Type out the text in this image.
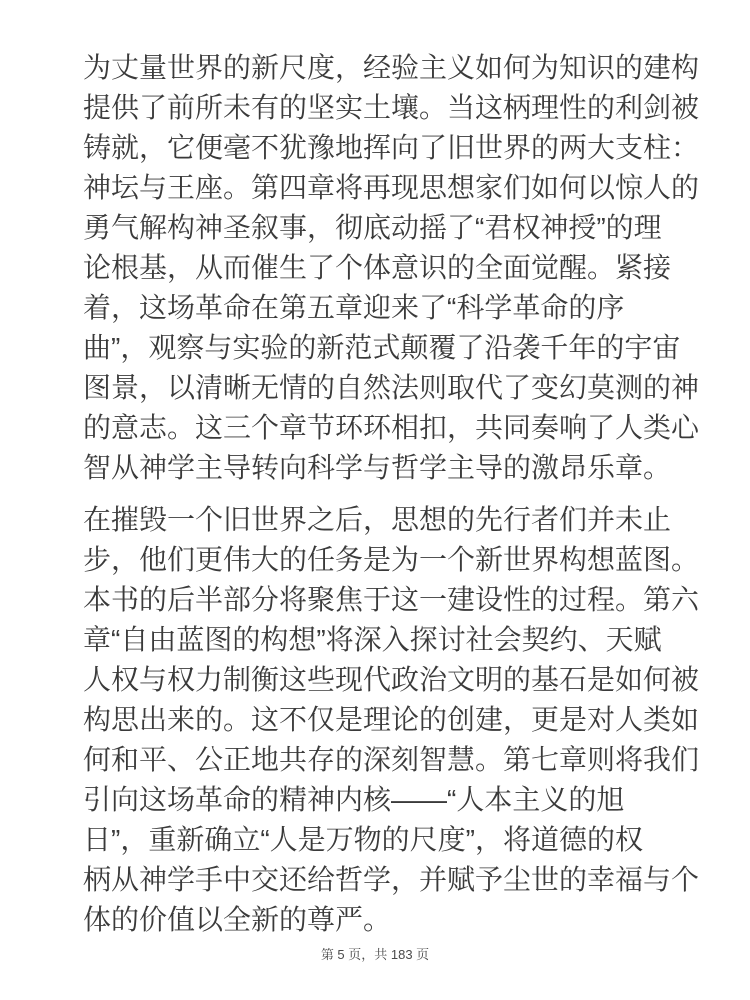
为丈量世界的新尺度，经验主义如何为知识的建构
提供了前所未有的坚实土壤。当这柄理性的利剑被
铸就，它便毫不犹豫地挥向了旧世界的两大支柱：
神坛与王座。第四章将再现思想家们如何以惊人的
勇气解构神圣叙事，彻底动摇了“君权神授”的理
论根基，从而催生了个体意识的全面觉醒。紧接
着，这场革命在第五章迎来了“科学革命的序
曲”，观察与实验的新范式颠覆了沿袭千年的宇宙
图景，以清晰无情的自然法则取代了变幻莫测的神
的意志。这三个章节环环相扣，共同奏响了人类心
智从神学主导转向科学与哲学主导的激昂乐章。
在摧毁一个旧世界之后，思想的先行者们并未止
步，他们更伟大的任务是为一个新世界构想蓝图。
本书的后半部分将聚焦于这一建设性的过程。第六
章“自由蓝图的构想”将深入探讨社会契约、天赋
人权与权力制衡这些现代政治文明的基石是如何被
构思出来的。这不仅是理论的创建，更是对人类如
何和平、公正地共存的深刻智慧。第七章则将我们
引向这场革命的精神内核——“人本主义的旭
日”，重新确立“人是万物的尺度”，将道德的权
柄从神学手中交还给哲学，并赋予尘世的幸福与个
体的价值以全新的尊严。
第 5 页，共 183 页
